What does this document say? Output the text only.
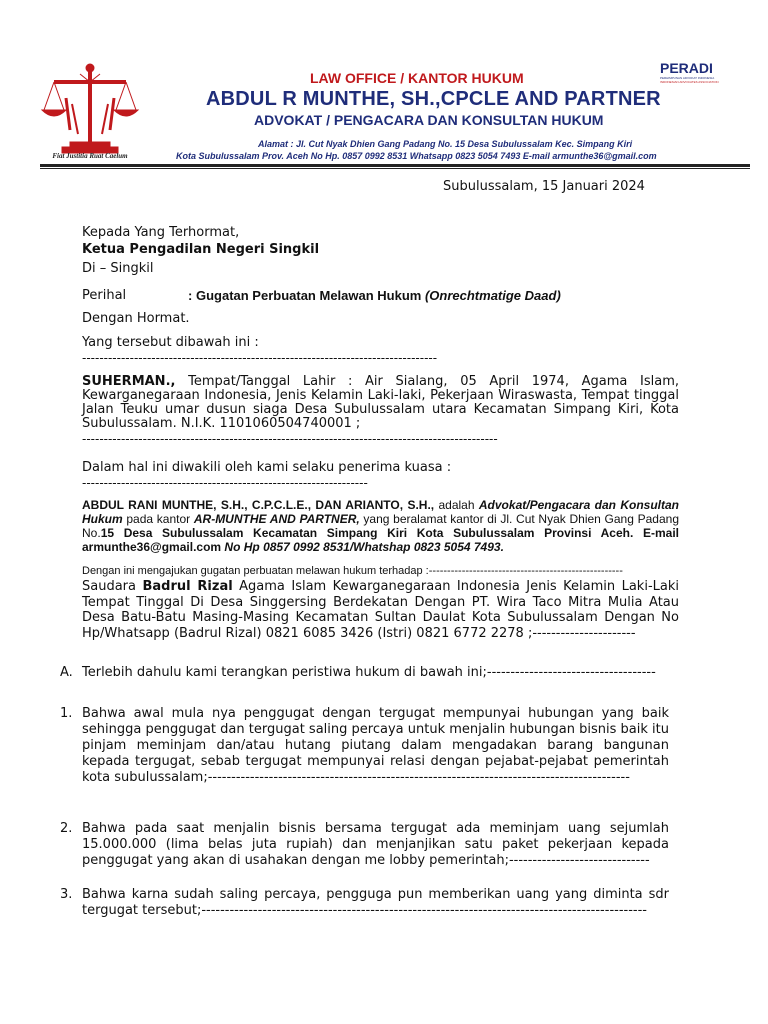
Fiat Justitia Ruat Caelum
LAW OFFICE / KANTOR HUKUM
ABDUL R MUNTHE, SH.,CPCLE AND PARTNER
ADVOKAT / PENGACARA DAN KONSULTAN HUKUM
Alamat : Jl. Cut Nyak Dhien Gang Padang No. 15 Desa Subulussalam Kec. Simpang Kiri
Kota Subulussalam Prov. Aceh No Hp. 0857 0992 8531 Whatsapp 0823 5054 7493 E-mail armunthe36@gmail.com
PERADI
PERHIMPUNAN ADVOKAT INDONESIA
INDONESIAN ADVOCATES ASSOCIATION
Subulussalam, 15 Januari 2024
Kepada Yang Terhormat,
Ketua Pengadilan Negeri Singkil
Di – Singkil
Perihal	: Gugatan Perbuatan Melawan Hukum (Onrechtmatige Daad)
Dengan Hormat.
Yang tersebut dibawah ini :
----------------------------------------------------------------------------------
SUHERMAN., Tempat/Tanggal Lahir : Air Sialang, 05 April 1974, Agama Islam, Kewarganegaraan Indonesia, Jenis Kelamin Laki-laki, Pekerjaan Wiraswasta, Tempat tinggal Jalan Teuku umar dusun siaga Desa Subulussalam utara Kecamatan Simpang Kiri, Kota Subulussalam. N.I.K. 1101060504740001 ;
------------------------------------------------------------------------------------------------
Dalam hal ini diwakili oleh kami selaku penerima kuasa :
------------------------------------------------------------------
ABDUL RANI MUNTHE, S.H., C.P.C.L.E., DAN ARIANTO, S.H., adalah Advokat/Pengacara dan Konsultan Hukum pada kantor AR-MUNTHE AND PARTNER, yang beralamat kantor di Jl. Cut Nyak Dhien Gang Padang No.15 Desa Subulussalam Kecamatan Simpang Kiri Kota Subulussalam Provinsi Aceh. E-mail armunthe36@gmail.com No Hp 0857 0992 8531/Whatshap 0823 5054 7493.
Dengan ini mengajukan gugatan perbuatan melawan hukum terhadap :-----------------------------------------------------
Saudara Badrul Rizal Agama Islam Kewarganegaraan Indonesia Jenis Kelamin Laki-Laki Tempat Tinggal Di Desa Singgersing Berdekatan Dengan PT. Wira Taco Mitra Mulia Atau Desa Batu-Batu Masing-Masing Kecamatan Sultan Daulat Kota Subulussalam Dengan No Hp/Whatsapp (Badrul Rizal) 0821 6085 3426 (Istri) 0821 6772 2278 ;----------------------
A. Terlebih dahulu kami terangkan peristiwa hukum di bawah ini;------------------------------------
1. Bahwa awal mula nya penggugat dengan tergugat mempunyai hubungan yang baik sehingga penggugat dan tergugat saling percaya untuk menjalin hubungan bisnis baik itu pinjam meminjam dan/atau hutang piutang dalam mengadakan barang bangunan kepada tergugat, sebab tergugat mempunyai relasi dengan pejabat-pejabat pemerintah kota subulussalam;------------------------------------------------------------------------------------------
2. Bahwa pada saat menjalin bisnis bersama tergugat ada meminjam uang sejumlah 15.000.000 (lima belas juta rupiah) dan menjanjikan satu paket pekerjaan kepada penggugat yang akan di usahakan dengan me lobby pemerintah;------------------------------
3. Bahwa karna sudah saling percaya, pengguga pun memberikan uang yang diminta sdr tergugat tersebut;-----------------------------------------------------------------------------------------------
